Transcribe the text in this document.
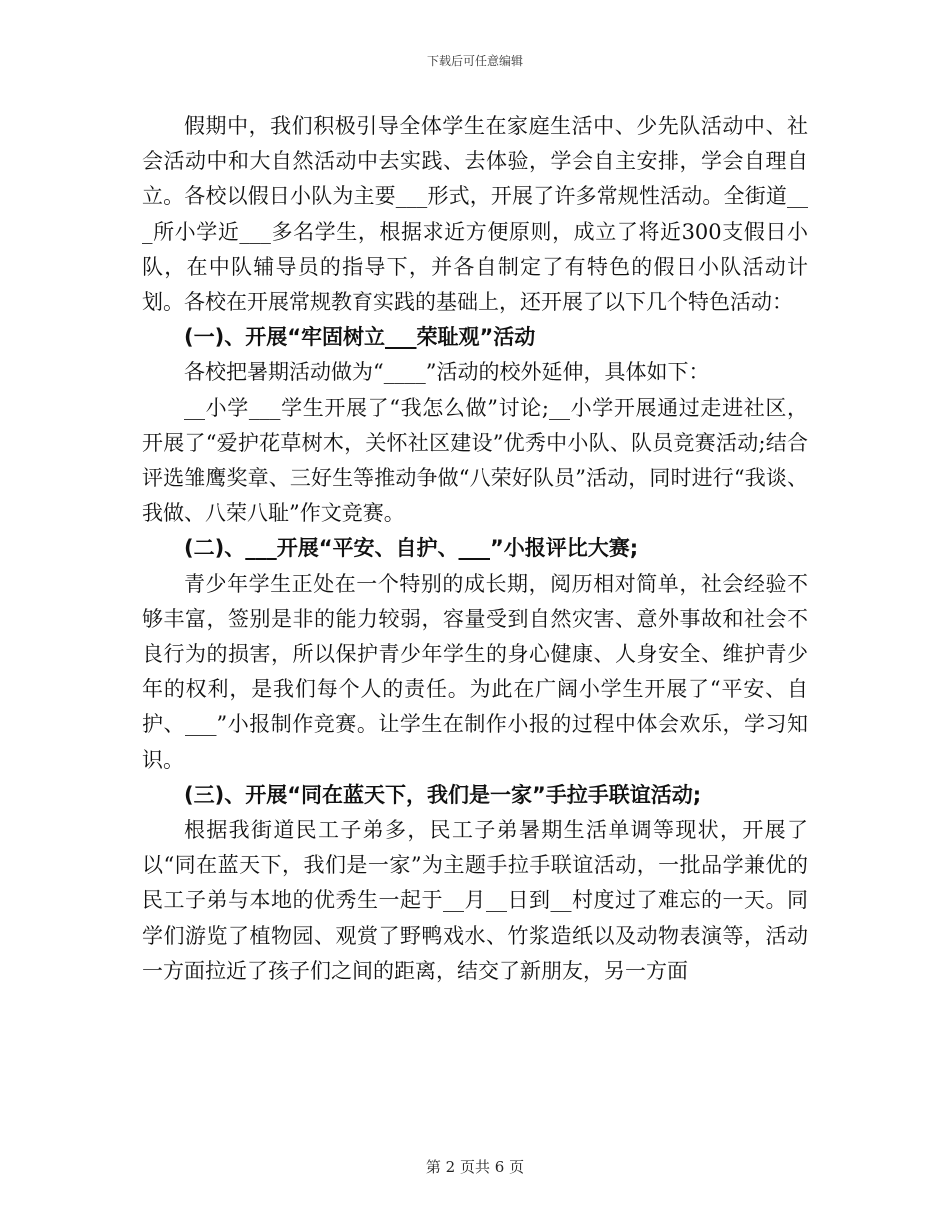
下载后可任意编辑

假期中，我们积极引导全体学生在家庭生活中、少先队活动中、社会活动中和大自然活动中去实践、去体验，学会自主安排，学会自理自立。各校以假日小队为主要___形式，开展了许多常规性活动。全街道___所小学近___多名学生，根据求近方便原则，成立了将近300支假日小队，在中队辅导员的指导下，并各自制定了有特色的假日小队活动计划。各校在开展常规教育实践的基础上，还开展了以下几个特色活动：

(一)、开展“牢固树立___荣耻观”活动

各校把暑期活动做为“____”活动的校外延伸，具体如下：

__小学___学生开展了“我怎么做”讨论;__小学开展通过走进社区，开展了“爱护花草树木，关怀社区建设”优秀中小队、队员竞赛活动;结合评选雏鹰奖章、三好生等推动争做“八荣好队员”活动，同时进行“我谈、我做、八荣八耻”作文竞赛。

(二)、___开展“平安、自护、___”小报评比大赛;

青少年学生正处在一个特别的成长期，阅历相对简单，社会经验不够丰富，签别是非的能力较弱，容量受到自然灾害、意外事故和社会不良行为的损害，所以保护青少年学生的身心健康、人身安全、维护青少年的权利，是我们每个人的责任。为此在广阔小学生开展了“平安、自护、___”小报制作竞赛。让学生在制作小报的过程中体会欢乐，学习知识。

(三)、开展“同在蓝天下，我们是一家”手拉手联谊活动;

根据我街道民工子弟多，民工子弟暑期生活单调等现状，开展了以“同在蓝天下，我们是一家”为主题手拉手联谊活动，一批品学兼优的民工子弟与本地的优秀生一起于__月__日到__村度过了难忘的一天。同学们游览了植物园、观赏了野鸭戏水、竹浆造纸以及动物表演等，活动一方面拉近了孩子们之间的距离，结交了新朋友，另一方面

第 2 页共 6 页
